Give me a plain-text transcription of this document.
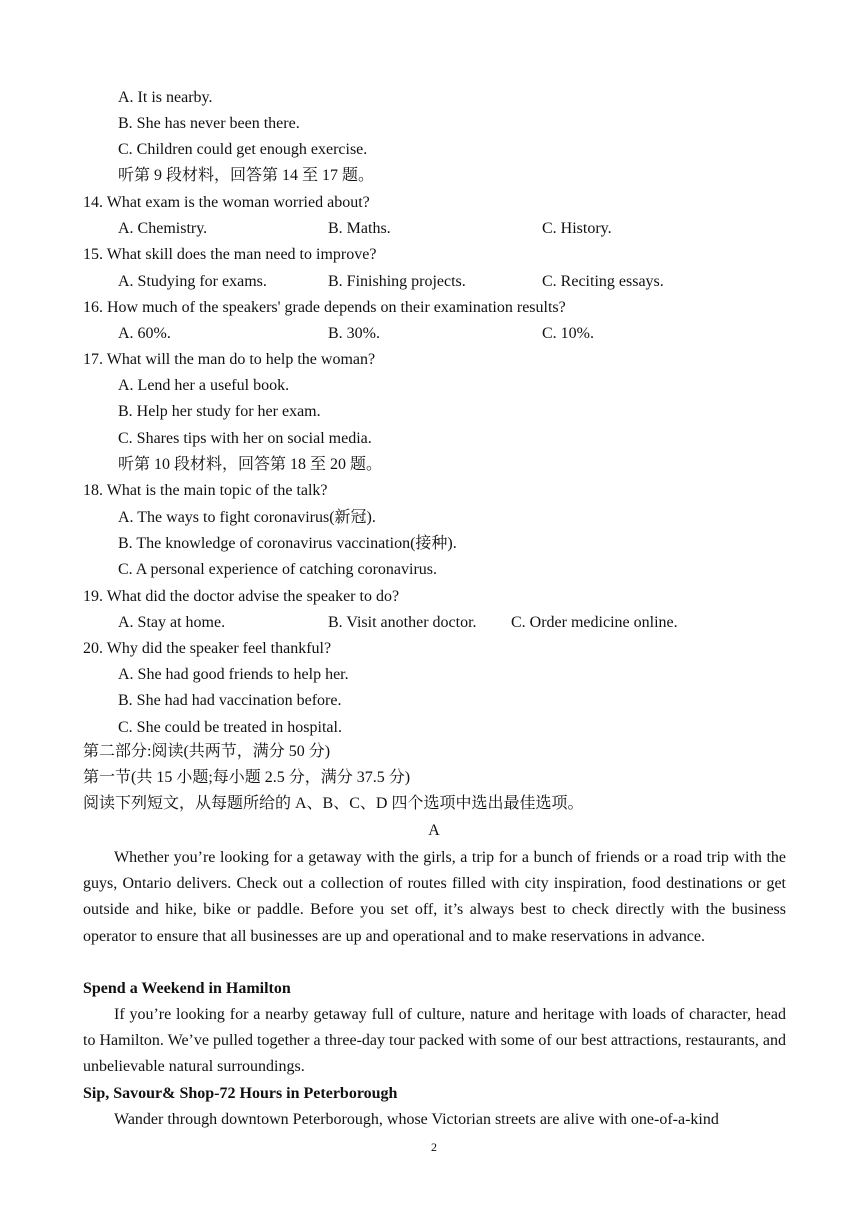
A. It is nearby.
B. She has never been there.
C. Children could get enough exercise.
听第 9 段材料，回答第 14 至 17 题。
14. What exam is the woman worried about?
A. Chemistry.	B. Maths.	C. History.
15. What skill does the man need to improve?
A. Studying for exams.	B. Finishing projects.	C. Reciting essays.
16. How much of the speakers' grade depends on their examination results?
A. 60%.	B. 30%.	C. 10%.
17. What will the man do to help the woman?
A. Lend her a useful book.
B. Help her study for her exam.
C. Shares tips with her on social media.
听第 10 段材料，回答第 18 至 20 题。
18. What is the main topic of the talk?
A. The ways to fight coronavirus(新冠).
B. The knowledge of coronavirus vaccination(接种).
C. A personal experience of catching coronavirus.
19. What did the doctor advise the speaker to do?
A. Stay at home.	B. Visit another doctor. C. Order medicine online.
20. Why did the speaker feel thankful?
A. She had good friends to help her.
B. She had had vaccination before.
C. She could be treated in hospital.
第二部分:阅读(共两节，满分 50 分)
第一节(共 15 小题;每小题 2.5 分，满分 37.5 分)
阅读下列短文，从每题所给的 A、B、C、D 四个选项中选出最佳选项。
A
Whether you’re looking for a getaway with the girls, a trip for a bunch of friends or a road trip with the guys, Ontario delivers. Check out a collection of routes filled with city inspiration, food destinations or get outside and hike, bike or paddle. Before you set off, it’s always best to check directly with the business operator to ensure that all businesses are up and operational and to make reservations in advance.
Spend a Weekend in Hamilton
If you’re looking for a nearby getaway full of culture, nature and heritage with loads of character, head to Hamilton. We’ve pulled together a three-day tour packed with some of our best attractions, restaurants, and unbelievable natural surroundings.
Sip, Savour& Shop-72 Hours in Peterborough
Wander through downtown Peterborough, whose Victorian streets are alive with one-of-a-kind
2
